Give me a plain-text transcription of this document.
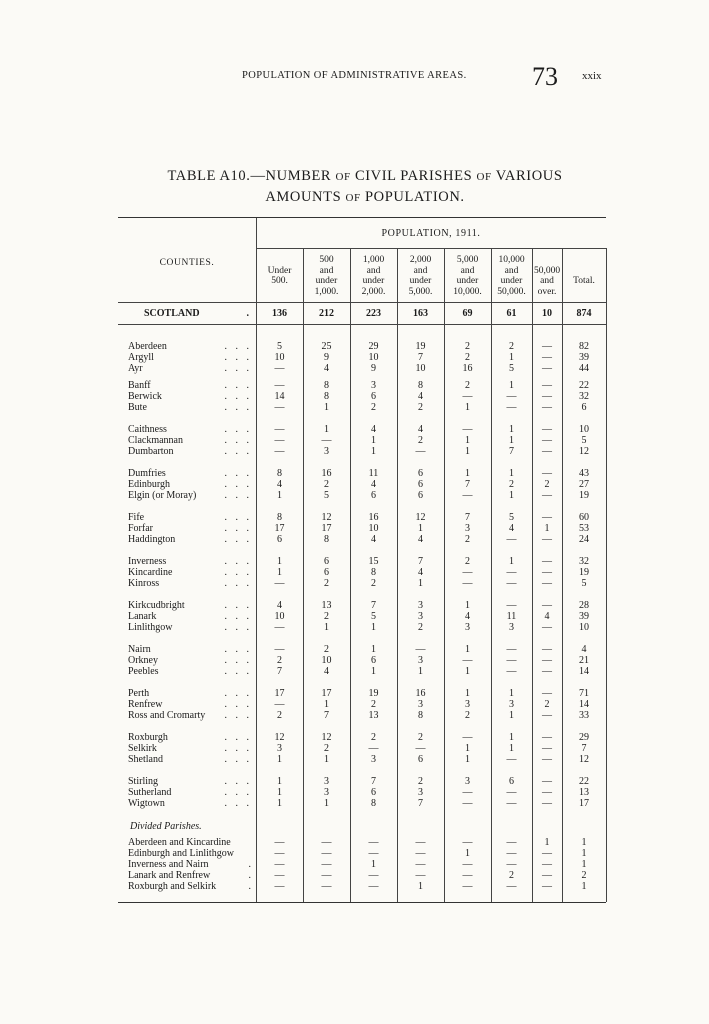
POPULATION OF ADMINISTRATIVE AREAS.	73 xxix
TABLE A10.—NUMBER OF CIVIL PARISHES OF VARIOUS
AMOUNTS OF POPULATION.
POPULATION, 1911.
COUNTIES.

Under
500.

500
and
under
1,000.
1,000
and
under
2,000.
2,000
and
under
5,000.
5,000
and
under
10,000.
10,000
and
under
50,000.

50,000
and
over.

Total.

SCOTLAND	.	136	212	223	163	69	61	10	874
Aberdeen	. . .	5	25	29	19	2	2	—	82
Argyll	. . .	10	9	10	7	2	1	—	39
Ayr	. . .	—	4	9	10	16	5	—	44
Banff	. . .	—	8	3	8	2	1	—	22
Berwick	. . .	14	8	6	4	—	—	—	32
Bute	. . .	—	1	2	2	1	—	—	6
Caithness	. . .	—	1	4	4	—	1	—	10
Clackmannan	. . .	—	—	1	2	1	1	—	5
Dumbarton	. . .	—	3	1	—	1	7	—	12
Dumfries	. . .	8	16	11	6	1	1	—	43
Edinburgh	. . .	4	2	4	6	7	2	2	27
Elgin (or Moray)	. . .	1	5	6	6	—	1	—	19
Fife	. . .	8	12	16	12	7	5	—	60
Forfar	. . .	17	17	10	1	3	4	1	53
Haddington	. . .	6	8	4	4	2	—	—	24
Inverness	. . .	1	6	15	7	2	1	—	32
Kincardine	. . .	1	6	8	4	—	—	—	19
Kinross	. . .	—	2	2	1	—	—	—	5
Kirkcudbright	. . .	4	13	7	3	1	—	—	28
Lanark	. . .	10	2	5	3	4	11	4	39
Linlithgow	. . .	—	1	1	2	3	3	—	10
Nairn	. . .	—	2	1	—	1	—	—	4
Orkney	. . .	2	10	6	3	—	—	—	21
Peebles	. . .	7	4	1	1	1	—	—	14
Perth	. . .	17	17	19	16	1	1	—	71
Renfrew	. . .	—	1	2	3	3	3	2	14
Ross and Cromarty	. . .	2	7	13	8	2	1	—	33
Roxburgh	. . .	12	12	2	2	—	1	—	29
Selkirk	. . .	3	2	—	—	1	1	—	7
Shetland	. . .	1	1	3	6	1	—	—	12
Stirling	. . .	1	3	7	2	3	6	—	22
Sutherland	. . .	1	3	6	3	—	—	—	13
Wigtown	. . .	1	1	8	7	—	—	—	17
Divided Parishes.
Aberdeen and Kincardine	—	—	—	—	—	—	1	1
Edinburgh and Linlithgow	—	—	—	—	1	—	—	1
Inverness and Nairn	.	—	—	1	—	—	—	—	1
Lanark and Renfrew	.	—	—	—	—	—	2	—	2
Roxburgh and Selkirk	.	—	—	—	1	—	—	—	1
